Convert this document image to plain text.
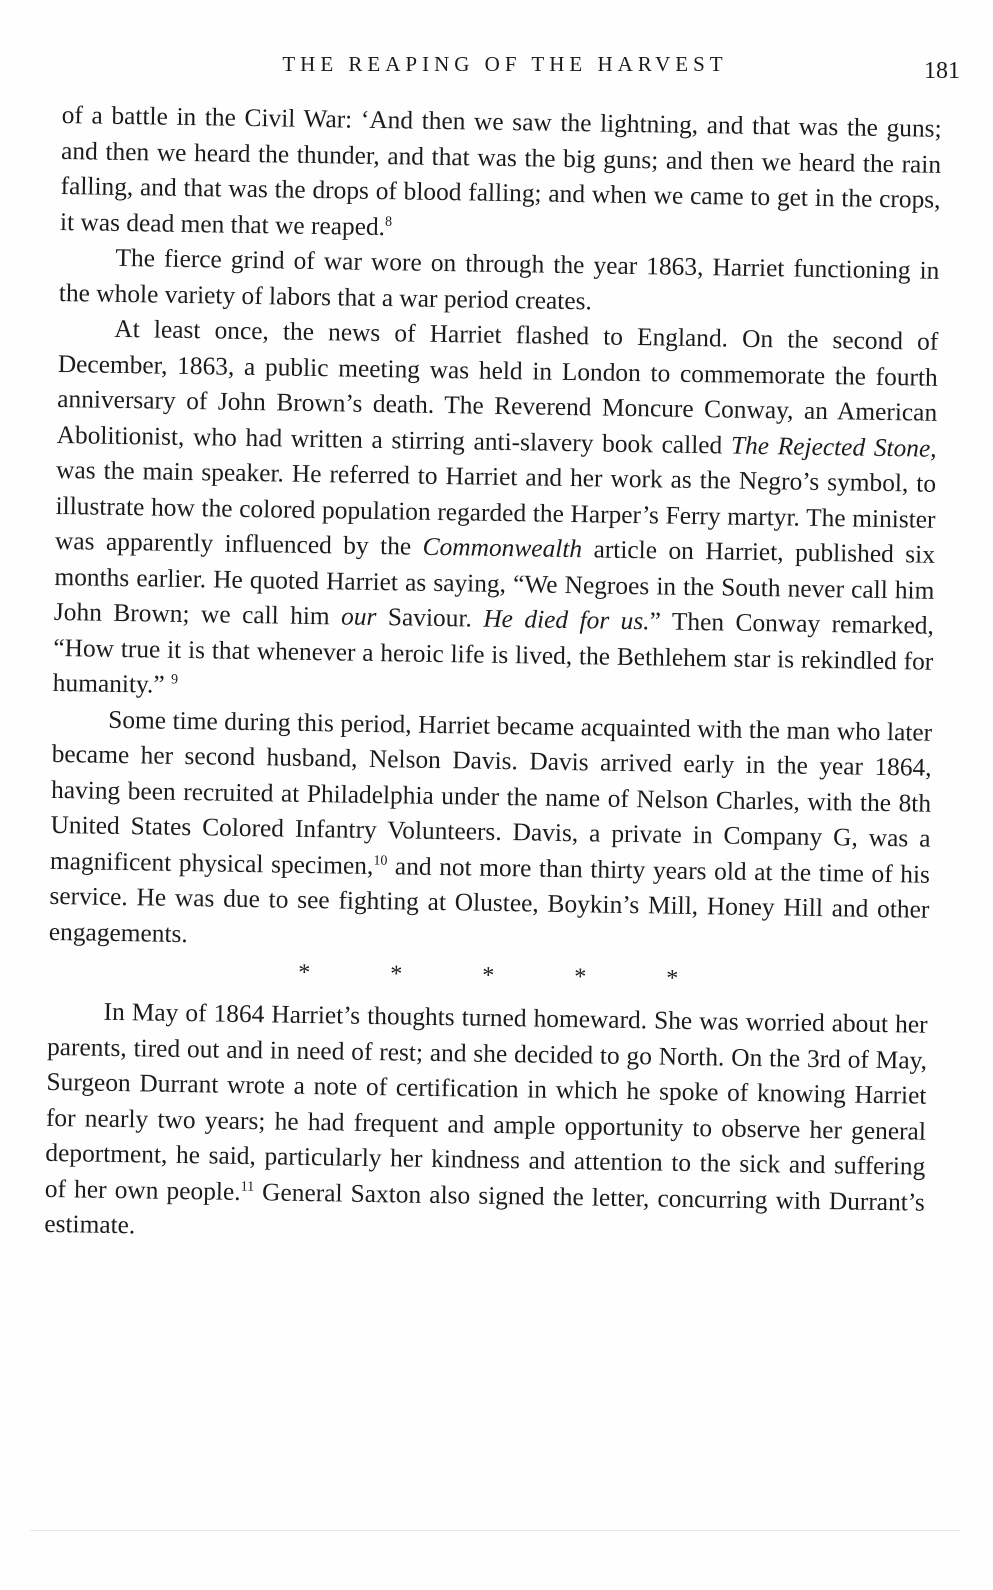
THE REAPING OF THE HARVEST	181

of a battle in the Civil War: ‘And then we saw the lightning, and that was the guns; and then we heard the thunder, and that was the big guns; and then we heard the rain falling, and that was the drops of blood falling; and when we came to get in the crops, it was dead men that we reaped.$^8$

The fierce grind of war wore on through the year 1863, Harriet functioning in the whole variety of labors that a war period creates.

At least once, the news of Harriet flashed to England. On the second of December, 1863, a public meeting was held in London to commemorate the fourth anniversary of John Brown’s death. The Reverend Moncure Conway, an American Abolitionist, who had written a stirring anti-slavery book called The Rejected Stone, was the main speaker. He referred to Harriet and her work as the Negro’s symbol, to illustrate how the colored population regarded the Harper’s Ferry martyr. The minister was apparently influenced by the Commonwealth article on Harriet, published six months earlier. He quoted Harriet as saying, “We Negroes in the South never call him John Brown; we call him our Saviour. He died for us.” Then Conway remarked, “How true it is that whenever a heroic life is lived, the Bethlehem star is rekindled for humanity.” $^9$

Some time during this period, Harriet became acquainted with the man who later became her second husband, Nelson Davis. Davis arrived early in the year 1864, having been recruited at Philadelphia under the name of Nelson Charles, with the 8th United States Colored Infantry Volunteers. Davis, a private in Company G, was a magnificent physical specimen,$^{10}$ and not more than thirty years old at the time of his service. He was due to see fighting at Olustee, Boykin’s Mill, Honey Hill and other engagements.

* * * * *

In May of 1864 Harriet’s thoughts turned homeward. She was worried about her parents, tired out and in need of rest; and she decided to go North. On the 3rd of May, Surgeon Durrant wrote a note of certification in which he spoke of knowing Harriet for nearly two years; he had frequent and ample opportunity to observe her general deportment, he said, particularly her kindness and attention to the sick and suffering of her own people.$^{11}$ General Saxton also signed the letter, concurring with Durrant’s estimate.
